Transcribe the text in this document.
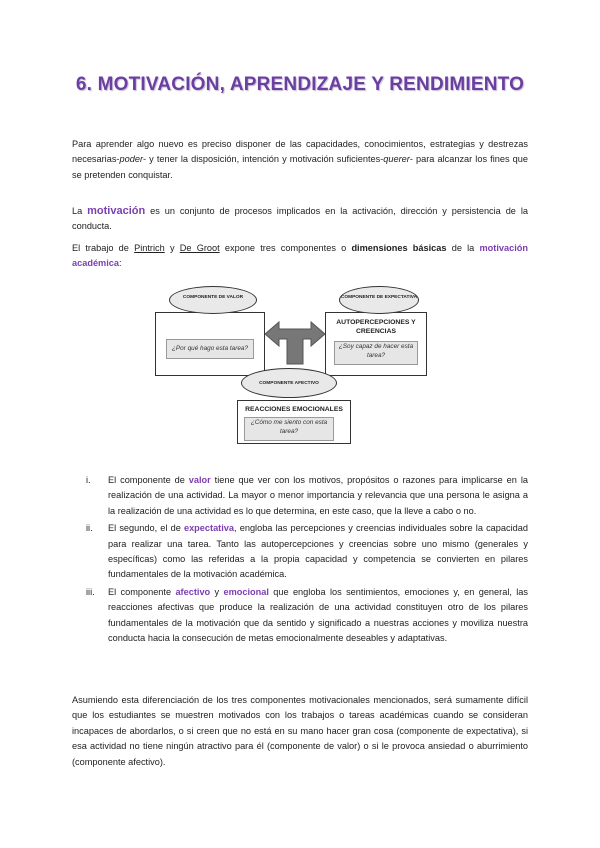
6. MOTIVACIÓN, APRENDIZAJE Y RENDIMIENTO
Para aprender algo nuevo es preciso disponer de las capacidades, conocimientos, estrategias y destrezas necesarias-poder- y tener la disposición, intención y motivación suficientes-querer- para alcanzar los fines que se pretenden conquistar.
La motivación es un conjunto de procesos implicados en la activación, dirección y persistencia de la conducta.
El trabajo de Pintrich y De Groot expone tres componentes o dimensiones básicas de la motivación académica:
¿Por qué hago esta tarea?
AUTOPERCEPCIONES Y CREENCIAS
¿Soy capaz de hacer esta tarea?
REACCIONES EMOCIONALES
¿Cómo me siento con esta tarea?
COMPONENTE DE VALOR	COMPONENTE DE EXPECTATIVA
COMPONENTE AFECTIVO
i. El componente de valor tiene que ver con los motivos, propósitos o razones para implicarse en la realización de una actividad. La mayor o menor importancia y relevancia que una persona le asigna a la realización de una actividad es lo que determina, en este caso, que la lleve a cabo o no.
ii. El segundo, el de expectativa, engloba las percepciones y creencias individuales sobre la capacidad para realizar una tarea. Tanto las autopercepciones y creencias sobre uno mismo (generales y específicas) como las referidas a la propia capacidad y competencia se convierten en pilares fundamentales de la motivación académica.
iii. El componente afectivo y emocional que engloba los sentimientos, emociones y, en general, las reacciones afectivas que produce la realización de una actividad constituyen otro de los pilares fundamentales de la motivación que da sentido y significado a nuestras acciones y moviliza nuestra conducta hacia la consecución de metas emocionalmente deseables y adaptativas.
Asumiendo esta diferenciación de los tres componentes motivacionales mencionados, será sumamente difícil que los estudiantes se muestren motivados con los trabajos o tareas académicas cuando se consideran incapaces de abordarlos, o si creen que no está en su mano hacer gran cosa (componente de expectativa), si esa actividad no tiene ningún atractivo para él (componente de valor) o si le provoca ansiedad o aburrimiento (componente afectivo).
